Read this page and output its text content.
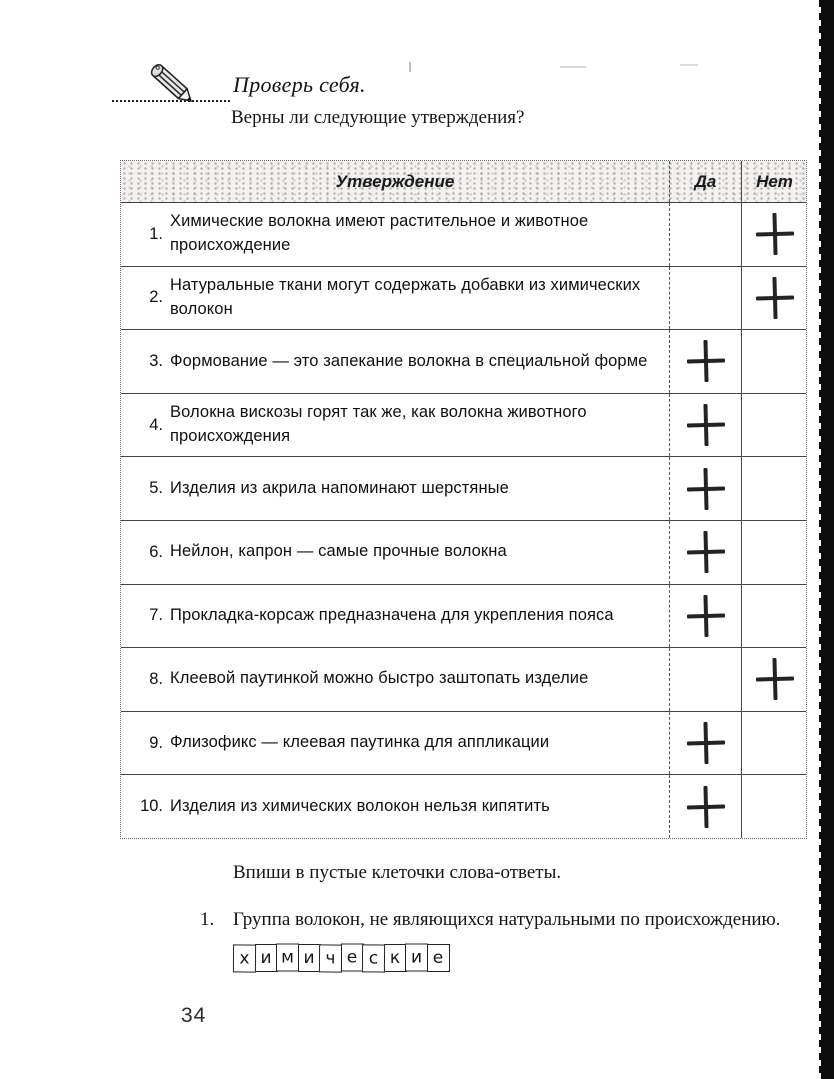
Проверь себя.
Верны ли следующие утверждения?
Утверждение	Да	Нет
1.
Химические волокна имеют растительное и животное происхождение
2.
Натуральные ткани могут содержать добавки из химических волокон
3. Формование — это запекание волокна в специальной форме
4.
Волокна вискозы горят так же, как волокна животного происхождения
5. Изделия из акрила напоминают шерстяные
6. Нейлон, капрон — самые прочные волокна
7. Прокладка-корсаж предназначена для укрепления пояса
8. Клеевой паутинкой можно быстро заштопать изделие
9. Флизофикс — клеевая паутинка для аппликации
10. Изделия из химических волокон нельзя кипятить
Впиши в пустые клеточки слова-ответы.
1. Группа волокон, не являющихся натуральными по происхождению.
х и м и ч е с к и е
34
